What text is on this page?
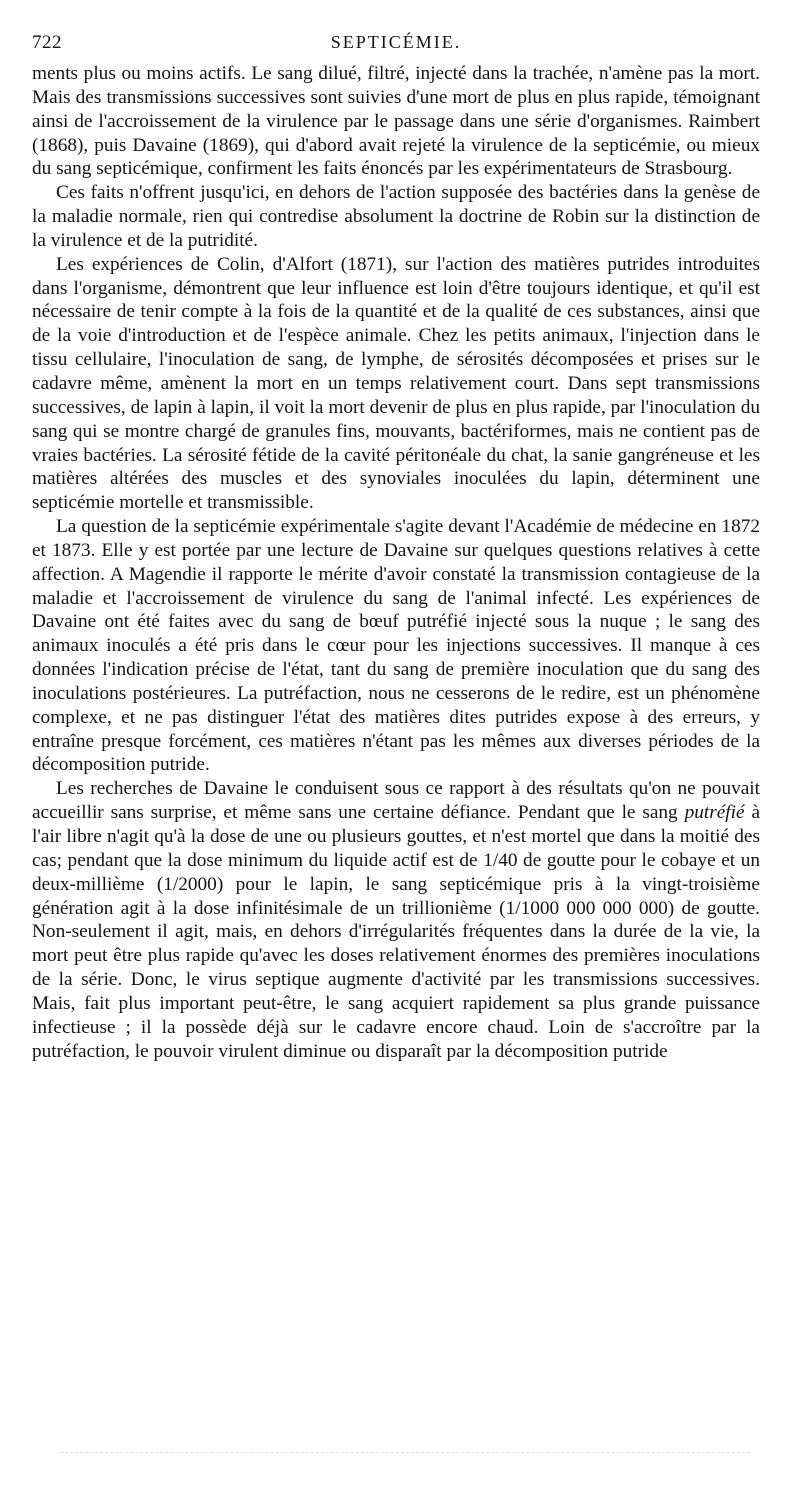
722	SEPTICÉMIE.

ments plus ou moins actifs. Le sang dilué, filtré, injecté dans la trachée, n'amène pas la mort. Mais des transmissions successives sont suivies d'une mort de plus en plus rapide, témoignant ainsi de l'accroissement de la virulence par le passage dans une série d'organismes. Raimbert (1868), puis Davaine (1869), qui d'abord avait rejeté la virulence de la septicémie, ou mieux du sang septicémique, confirment les faits énoncés par les expérimentateurs de Strasbourg.

Ces faits n'offrent jusqu'ici, en dehors de l'action supposée des bactéries dans la genèse de la maladie normale, rien qui contredise absolument la doctrine de Robin sur la distinction de la virulence et de la putridité.

Les expériences de Colin, d'Alfort (1871), sur l'action des matières putrides introduites dans l'organisme, démontrent que leur influence est loin d'être toujours identique, et qu'il est nécessaire de tenir compte à la fois de la quantité et de la qualité de ces substances, ainsi que de la voie d'introduction et de l'espèce animale. Chez les petits animaux, l'injection dans le tissu cellulaire, l'inoculation de sang, de lymphe, de sérosités décomposées et prises sur le cadavre même, amènent la mort en un temps relativement court. Dans sept transmissions successives, de lapin à lapin, il voit la mort devenir de plus en plus rapide, par l'inoculation du sang qui se montre chargé de granules fins, mouvants, bactériformes, mais ne contient pas de vraies bactéries. La sérosité fétide de la cavité péritonéale du chat, la sanie gangréneuse et les matières altérées des muscles et des synoviales inoculées du lapin, déterminent une septicémie mortelle et transmissible.

La question de la septicémie expérimentale s'agite devant l'Académie de médecine en 1872 et 1873. Elle y est portée par une lecture de Davaine sur quelques questions relatives à cette affection. A Magendie il rapporte le mérite d'avoir constaté la transmission contagieuse de la maladie et l'accroissement de virulence du sang de l'animal infecté. Les expériences de Davaine ont été faites avec du sang de bœuf putréfié injecté sous la nuque ; le sang des animaux inoculés a été pris dans le cœur pour les injections successives. Il manque à ces données l'indication précise de l'état, tant du sang de première inoculation que du sang des inoculations postérieures. La putréfaction, nous ne cesserons de le redire, est un phénomène complexe, et ne pas distinguer l'état des matières dites putrides expose à des erreurs, y entraîne presque forcément, ces matières n'étant pas les mêmes aux diverses périodes de la décomposition putride.

Les recherches de Davaine le conduisent sous ce rapport à des résultats qu'on ne pouvait accueillir sans surprise, et même sans une certaine défiance. Pendant que le sang putréfié à l'air libre n'agit qu'à la dose de une ou plusieurs gouttes, et n'est mortel que dans la moitié des cas; pendant que la dose minimum du liquide actif est de 1/40 de goutte pour le cobaye et un deux-millième (1/2000) pour le lapin, le sang septicémique pris à la vingt-troisième génération agit à la dose infinitésimale de un trillionième (1/1000 000 000 000) de goutte. Non-seulement il agit, mais, en dehors d'irrégularités fréquentes dans la durée de la vie, la mort peut être plus rapide qu'avec les doses relativement énormes des premières inoculations de la série. Donc, le virus septique augmente d'activité par les transmissions successives. Mais, fait plus important peut-être, le sang acquiert rapidement sa plus grande puissance infectieuse ; il la possède déjà sur le cadavre encore chaud. Loin de s'accroître par la putréfaction, le pouvoir virulent diminue ou disparaît par la décomposition putride
